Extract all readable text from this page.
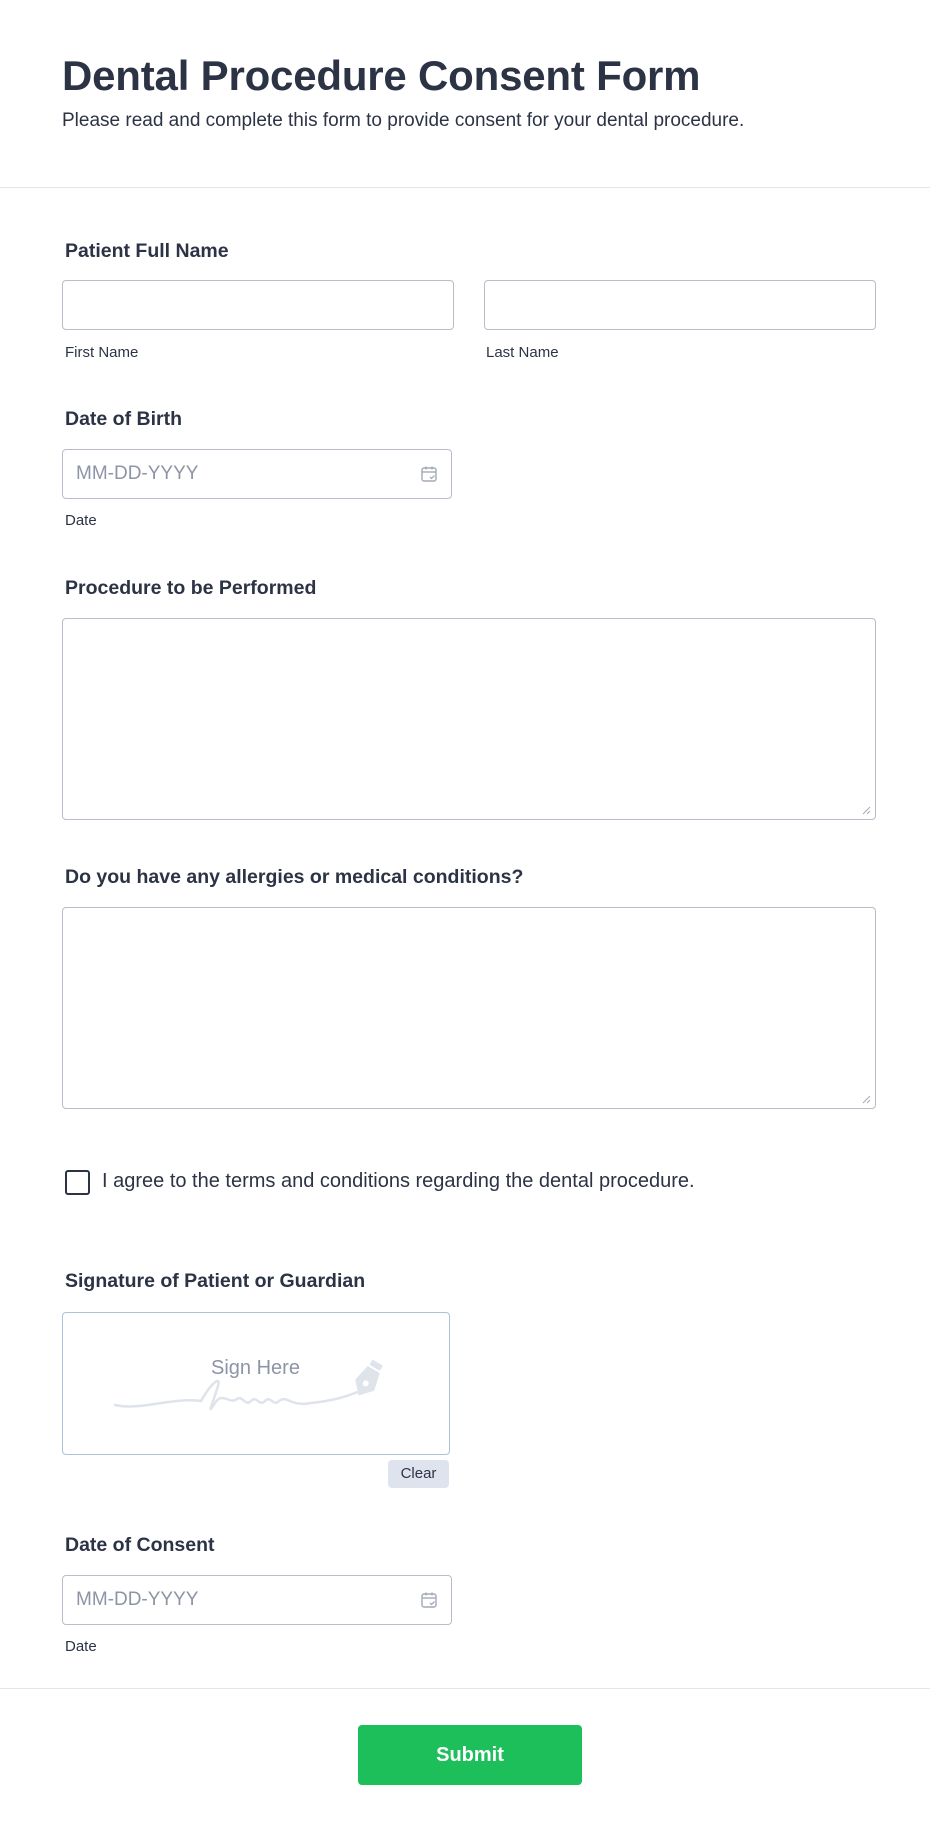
Dental Procedure Consent Form
Please read and complete this form to provide consent for your dental procedure.
Patient Full Name
First Name	Last Name
Date of Birth
MM-DD-YYYY
Date
Procedure to be Performed
Do you have any allergies or medical conditions?
I agree to the terms and conditions regarding the dental procedure.
Signature of Patient or Guardian
Sign Here
Clear
Date of Consent
MM-DD-YYYY
Date
Submit
